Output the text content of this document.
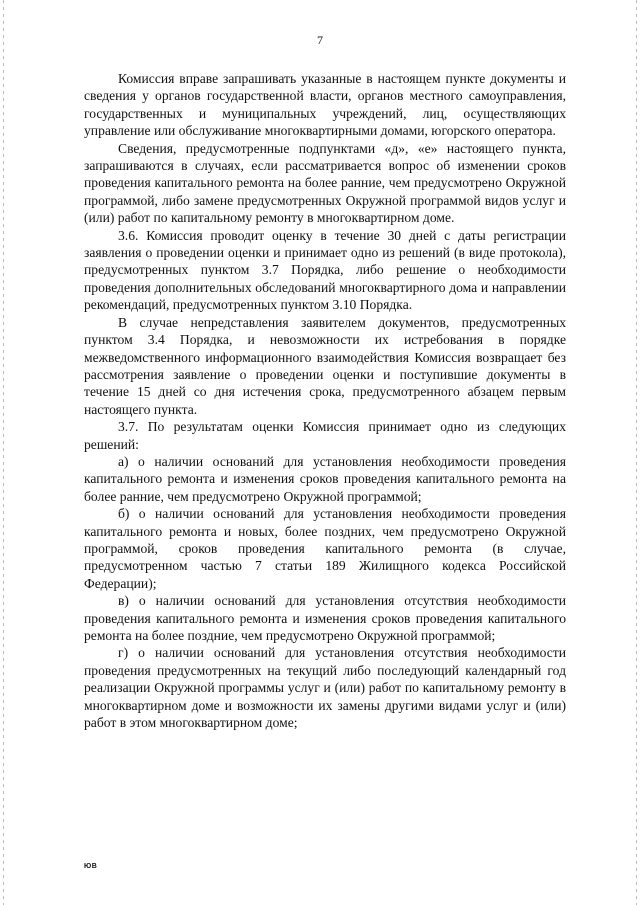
7

Комиссия вправе запрашивать указанные в настоящем пункте документы и сведения у органов государственной власти, органов местного самоуправления, государственных и муниципальных учреждений, лиц, осуществляющих управление или обслуживание многоквартирными домами, югорского оператора.

Сведения, предусмотренные подпунктами «д», «е» настоящего пункта, запрашиваются в случаях, если рассматривается вопрос об изменении сроков проведения капитального ремонта на более ранние, чем предусмотрено Окружной программой, либо замене предусмотренных Окружной программой видов услуг и (или) работ по капитальному ремонту в многоквартирном доме.

3.6. Комиссия проводит оценку в течение 30 дней с даты регистрации заявления о проведении оценки и принимает одно из решений (в виде протокола), предусмотренных пунктом 3.7 Порядка, либо решение о необходимости проведения дополнительных обследований многоквартирного дома и направлении рекомендаций, предусмотренных пунктом 3.10 Порядка.

В случае непредставления заявителем документов, предусмотренных пунктом 3.4 Порядка, и невозможности их истребования в порядке межведомственного информационного взаимодействия Комиссия возвращает без рассмотрения заявление о проведении оценки и поступившие документы в течение 15 дней со дня истечения срока, предусмотренного абзацем первым настоящего пункта.

3.7. По результатам оценки Комиссия принимает одно из следующих решений:

а) о наличии оснований для установления необходимости проведения капитального ремонта и изменения сроков проведения капитального ремонта на более ранние, чем предусмотрено Окружной программой;

б) о наличии оснований для установления необходимости проведения капитального ремонта и новых, более поздних, чем предусмотрено Окружной программой, сроков проведения капитального ремонта (в случае, предусмотренном частью 7 статьи 189 Жилищного кодекса Российской Федерации);

в) о наличии оснований для установления отсутствия необходимости проведения капитального ремонта и изменения сроков проведения капитального ремонта на более поздние, чем предусмотрено Окружной программой;

г) о наличии оснований для установления отсутствия необходимости проведения предусмотренных на текущий либо последующий календарный год реализации Окружной программы услуг и (или) работ по капитальному ремонту в многоквартирном доме и возможности их замены другими видами услуг и (или) работ в этом многоквартирном доме;

ЮВ
